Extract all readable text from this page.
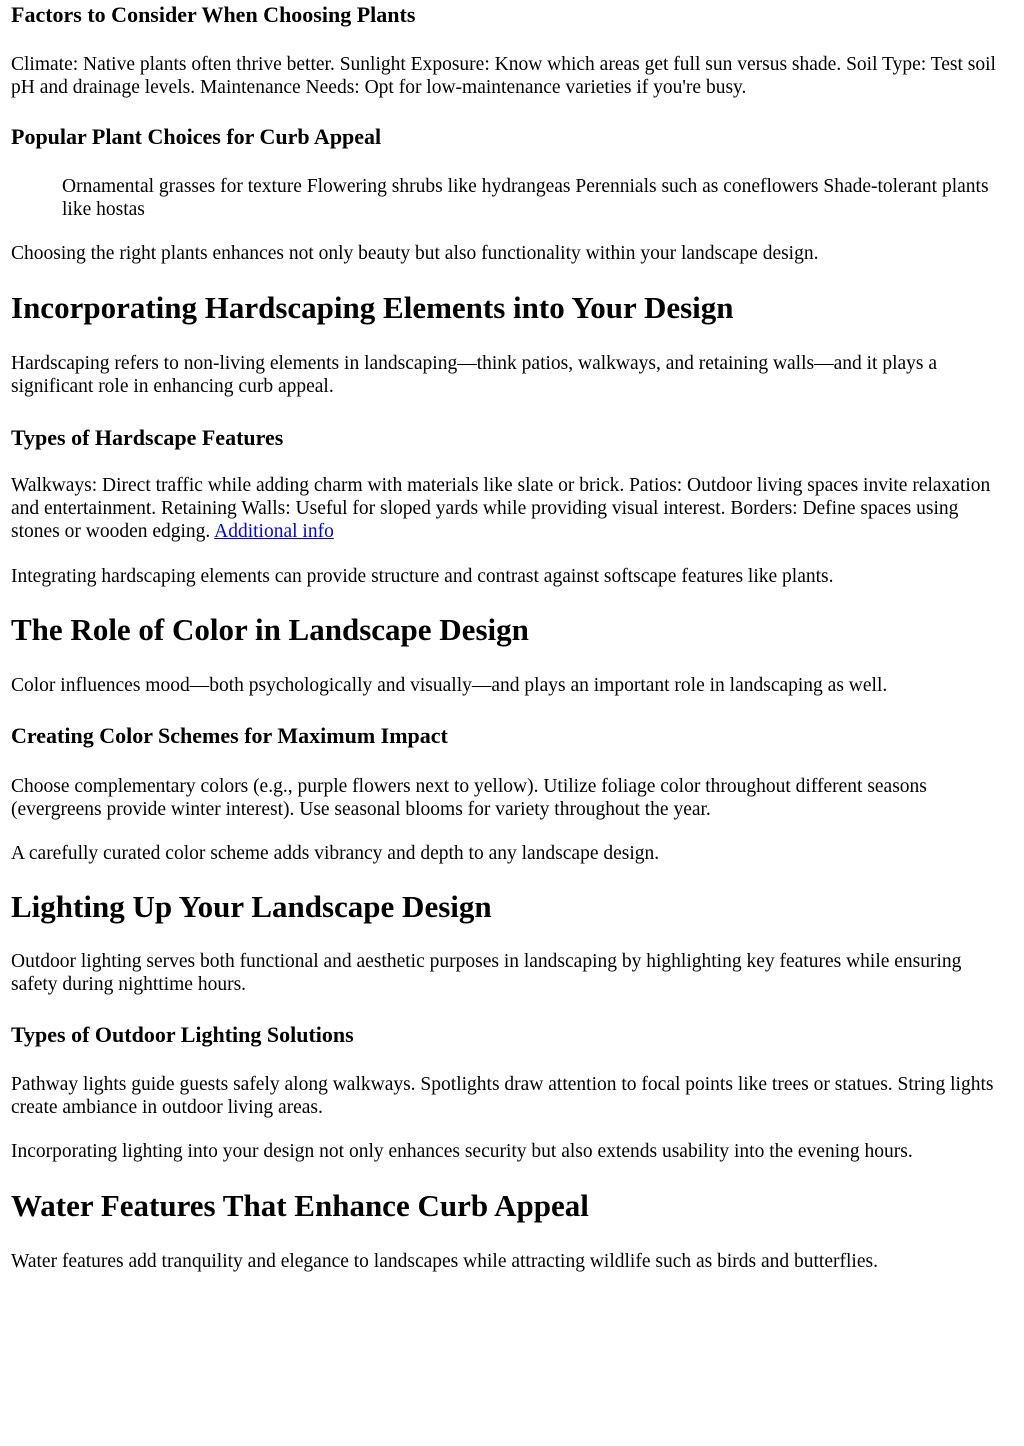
Factors to Consider When Choosing Plants

Climate: Native plants often thrive better. Sunlight Exposure: Know which areas get full sun versus shade. Soil Type: Test soil pH and drainage levels. Maintenance Needs: Opt for low-maintenance varieties if you're busy.

Popular Plant Choices for Curb Appeal
Ornamental grasses for texture Flowering shrubs like hydrangeas Perennials such as coneflowers Shade-tolerant plants like hostas

Choosing the right plants enhances not only beauty but also functionality within your landscape design.

Incorporating Hardscaping Elements into Your Design

Hardscaping refers to non-living elements in landscaping—think patios, walkways, and retaining walls—and it plays a significant role in enhancing curb appeal.

Types of Hardscape Features

Walkways: Direct traffic while adding charm with materials like slate or brick. Patios: Outdoor living spaces invite relaxation and entertainment. Retaining Walls: Useful for sloped yards while providing visual interest. Borders: Define spaces using stones or wooden edging. Additional info

Integrating hardscaping elements can provide structure and contrast against softscape features like plants.

The Role of Color in Landscape Design

Color influences mood—both psychologically and visually—and plays an important role in landscaping as well.

Creating Color Schemes for Maximum Impact

Choose complementary colors (e.g., purple flowers next to yellow). Utilize foliage color throughout different seasons (evergreens provide winter interest). Use seasonal blooms for variety throughout the year.

A carefully curated color scheme adds vibrancy and depth to any landscape design.

Lighting Up Your Landscape Design

Outdoor lighting serves both functional and aesthetic purposes in landscaping by highlighting key features while ensuring safety during nighttime hours.

Types of Outdoor Lighting Solutions

Pathway lights guide guests safely along walkways. Spotlights draw attention to focal points like trees or statues. String lights create ambiance in outdoor living areas.

Incorporating lighting into your design not only enhances security but also extends usability into the evening hours.

Water Features That Enhance Curb Appeal

Water features add tranquility and elegance to landscapes while attracting wildlife such as birds and butterflies.
